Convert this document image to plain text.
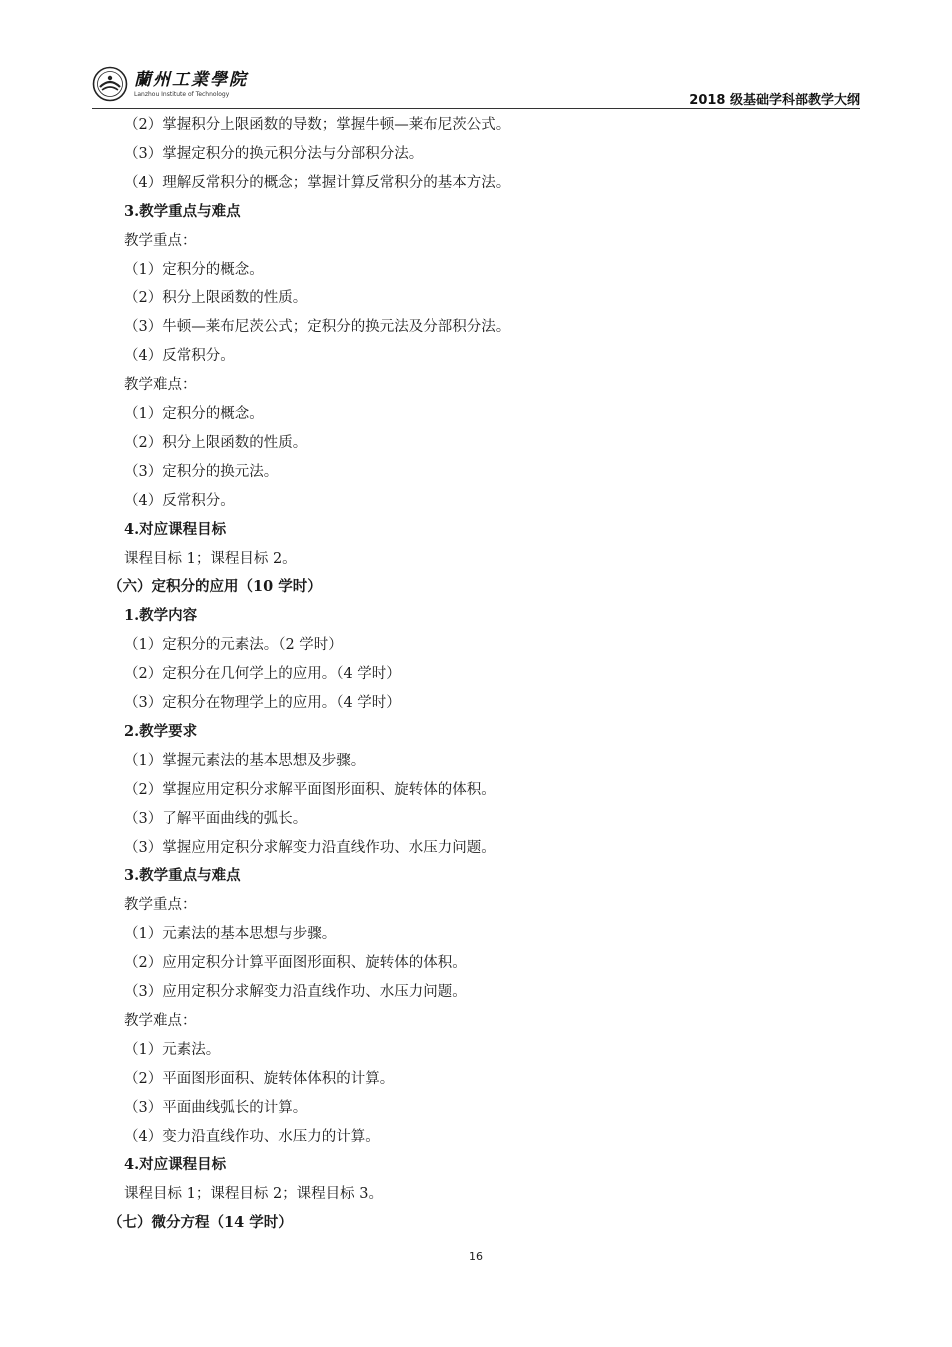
蘭州工業學院
Lanzhou Institute of Technology	2018 级基础学科部教学大纲
（2）掌握积分上限函数的导数；掌握牛顿—莱布尼茨公式。
（3）掌握定积分的换元积分法与分部积分法。
（4）理解反常积分的概念；掌握计算反常积分的基本方法。
3.教学重点与难点
教学重点：
（1）定积分的概念。
（2）积分上限函数的性质。
（3）牛顿—莱布尼茨公式；定积分的换元法及分部积分法。
（4）反常积分。
教学难点：
（1）定积分的概念。
（2）积分上限函数的性质。
（3）定积分的换元法。
（4）反常积分。
4.对应课程目标
课程目标 1；课程目标 2。
（六）定积分的应用（10 学时）
1.教学内容
（1）定积分的元素法。（2 学时）
（2）定积分在几何学上的应用。（4 学时）
（3）定积分在物理学上的应用。（4 学时）
2.教学要求
（1）掌握元素法的基本思想及步骤。
（2）掌握应用定积分求解平面图形面积、旋转体的体积。
（3）了解平面曲线的弧长。
（3）掌握应用定积分求解变力沿直线作功、水压力问题。
3.教学重点与难点
教学重点：
（1）元素法的基本思想与步骤。
（2）应用定积分计算平面图形面积、旋转体的体积。
（3）应用定积分求解变力沿直线作功、水压力问题。
教学难点：
（1）元素法。
（2）平面图形面积、旋转体体积的计算。
（3）平面曲线弧长的计算。
（4）变力沿直线作功、水压力的计算。
4.对应课程目标
课程目标 1；课程目标 2；课程目标 3。
（七）微分方程（14 学时）
16
